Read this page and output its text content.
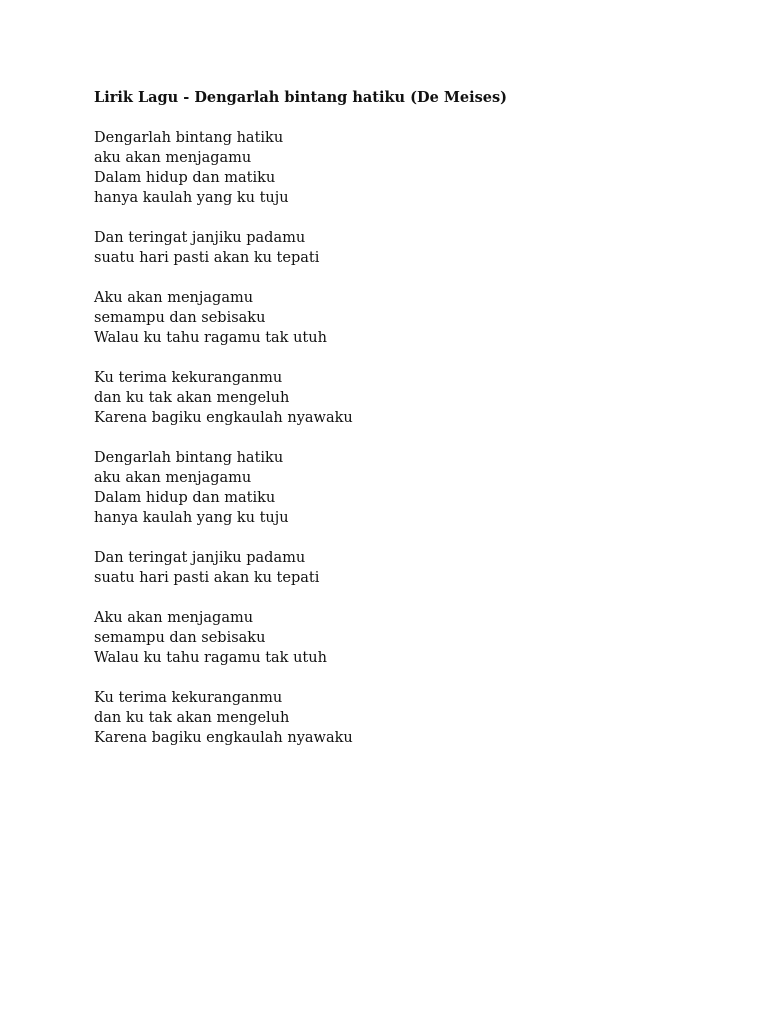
Lirik Lagu - Dengarlah bintang hatiku (De Meises)
Dengarlah bintang hatiku
aku akan menjagamu
Dalam hidup dan matiku
hanya kaulah yang ku tuju
Dan teringat janjiku padamu
suatu hari pasti akan ku tepati
Aku akan menjagamu
semampu dan sebisaku
Walau ku tahu ragamu tak utuh
Ku terima kekuranganmu
dan ku tak akan mengeluh
Karena bagiku engkaulah nyawaku
Dengarlah bintang hatiku
aku akan menjagamu
Dalam hidup dan matiku
hanya kaulah yang ku tuju
Dan teringat janjiku padamu
suatu hari pasti akan ku tepati
Aku akan menjagamu
semampu dan sebisaku
Walau ku tahu ragamu tak utuh
Ku terima kekuranganmu
dan ku tak akan mengeluh
Karena bagiku engkaulah nyawaku
